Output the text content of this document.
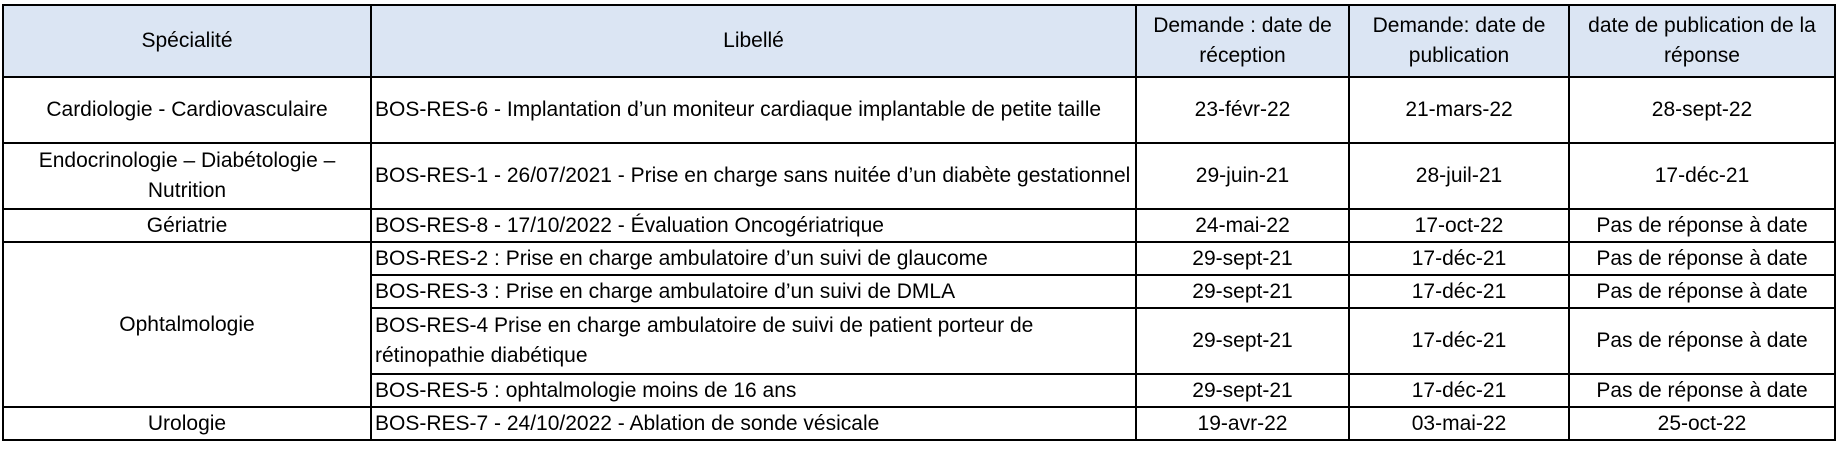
Spécialité	Libellé	Demande : date de réception	Demande: date de publication	date de publication de la réponse
Cardiologie - Cardiovasculaire	BOS-RES-6 - Implantation d’un moniteur cardiaque implantable de petite taille	23-févr-22	21-mars-22	28-sept-22
Endocrinologie – Diabétologie – Nutrition	BOS-RES-1 - 26/07/2021 - Prise en charge sans nuitée d’un diabète gestationnel	29-juin-21	28-juil-21	17-déc-21
Gériatrie	BOS-RES-8 - 17/10/2022 - Évaluation Oncogériatrique	24-mai-22	17-oct-22	Pas de réponse à date
Ophtalmologie	BOS-RES-2 : Prise en charge ambulatoire d’un suivi de glaucome	29-sept-21	17-déc-21	Pas de réponse à date
	BOS-RES-3 : Prise en charge ambulatoire d’un suivi de DMLA	29-sept-21	17-déc-21	Pas de réponse à date
	BOS-RES-4 Prise en charge ambulatoire de suivi de patient porteur de rétinopathie diabétique	29-sept-21	17-déc-21	Pas de réponse à date
	BOS-RES-5 : ophtalmologie moins de 16 ans	29-sept-21	17-déc-21	Pas de réponse à date
Urologie	BOS-RES-7 - 24/10/2022 - Ablation de sonde vésicale	19-avr-22	03-mai-22	25-oct-22
